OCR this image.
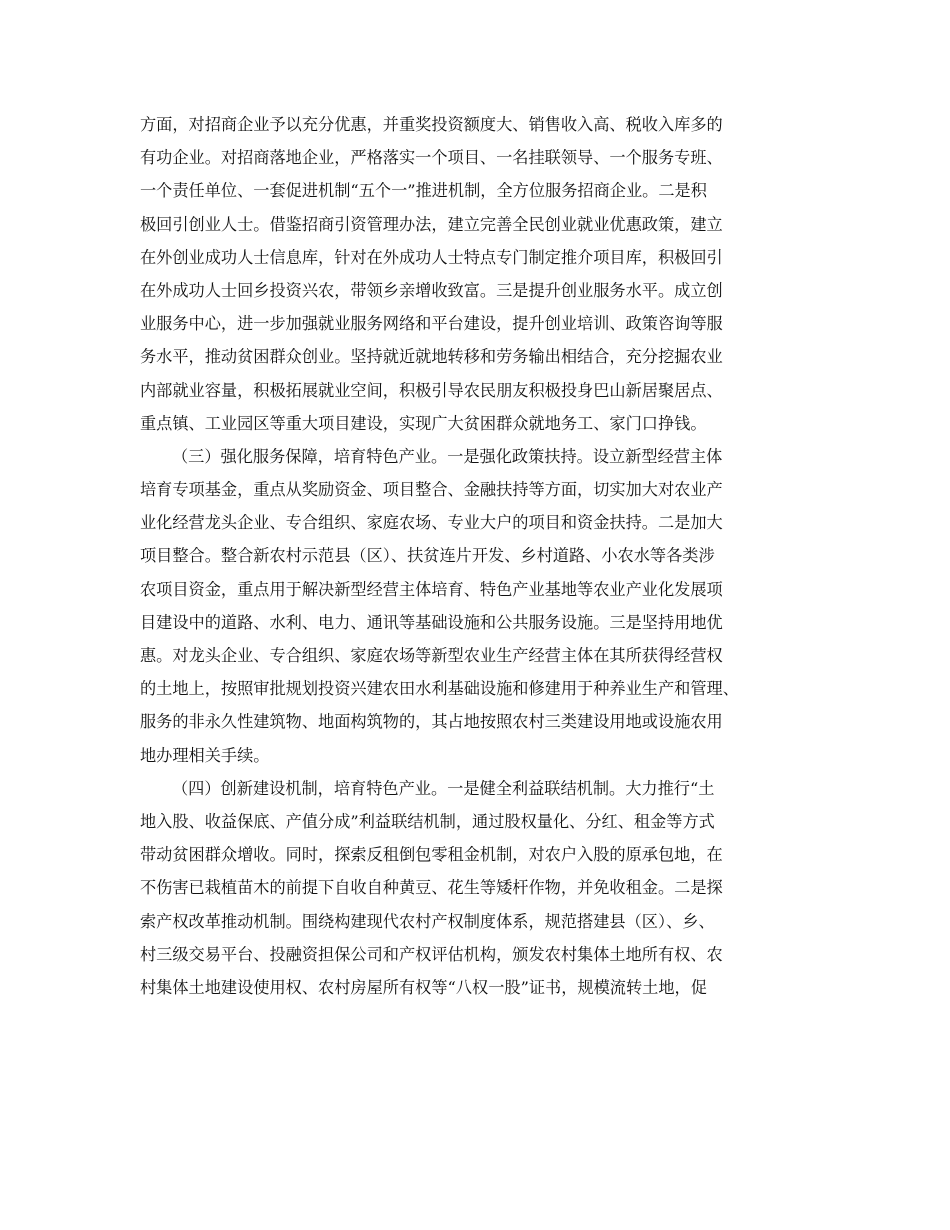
方面，对招商企业予以充分优惠，并重奖投资额度大、销售收入高、税收入库多的

有功企业。对招商落地企业，严格落实一个项目、一名挂联领导、一个服务专班、

一个责任单位、一套促进机制“五个一”推进机制，全方位服务招商企业。二是积

极回引创业人士。借鉴招商引资管理办法，建立完善全民创业就业优惠政策，建立

在外创业成功人士信息库，针对在外成功人士特点专门制定推介项目库，积极回引

在外成功人士回乡投资兴农，带领乡亲增收致富。三是提升创业服务水平。成立创

业服务中心，进一步加强就业服务网络和平台建设，提升创业培训、政策咨询等服

务水平，推动贫困群众创业。坚持就近就地转移和劳务输出相结合，充分挖掘农业

内部就业容量，积极拓展就业空间，积极引导农民朋友积极投身巴山新居聚居点、

重点镇、工业园区等重大项目建设，实现广大贫困群众就地务工、家门口挣钱。

（三）强化服务保障，培育特色产业。一是强化政策扶持。设立新型经营主体

培育专项基金，重点从奖励资金、项目整合、金融扶持等方面，切实加大对农业产

业化经营龙头企业、专合组织、家庭农场、专业大户的项目和资金扶持。二是加大

项目整合。整合新农村示范县（区）、扶贫连片开发、乡村道路、小农水等各类涉

农项目资金，重点用于解决新型经营主体培育、特色产业基地等农业产业化发展项

目建设中的道路、水利、电力、通讯等基础设施和公共服务设施。三是坚持用地优

惠。对龙头企业、专合组织、家庭农场等新型农业生产经营主体在其所获得经营权

的土地上，按照审批规划投资兴建农田水利基础设施和修建用于种养业生产和管理、

服务的非永久性建筑物、地面构筑物的，其占地按照农村三类建设用地或设施农用

地办理相关手续。

（四）创新建设机制，培育特色产业。一是健全利益联结机制。大力推行“土

地入股、收益保底、产值分成”利益联结机制，通过股权量化、分红、租金等方式

带动贫困群众增收。同时，探索反租倒包零租金机制，对农户入股的原承包地，在

不伤害已栽植苗木的前提下自收自种黄豆、花生等矮杆作物，并免收租金。二是探

索产权改革推动机制。围绕构建现代农村产权制度体系，规范搭建县（区）、乡、

村三级交易平台、投融资担保公司和产权评估机构，颁发农村集体土地所有权、农

村集体土地建设使用权、农村房屋所有权等“八权一股”证书，规模流转土地，促
